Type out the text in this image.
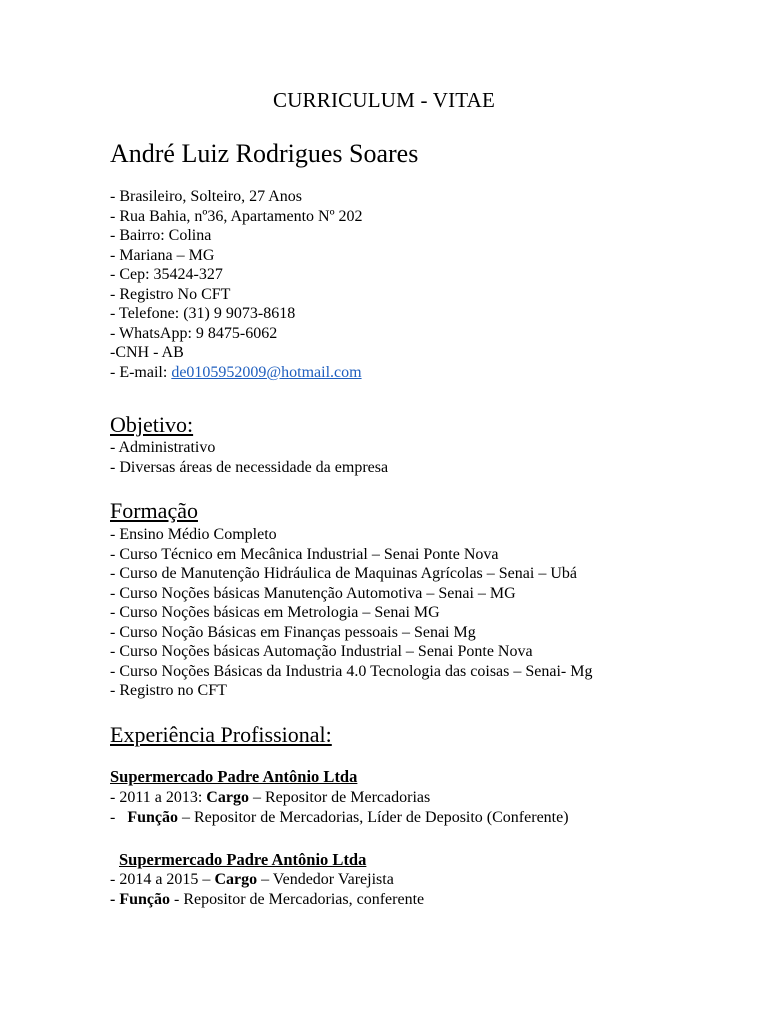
CURRICULUM - VITAE
André Luiz Rodrigues Soares
- Brasileiro, Solteiro, 27 Anos
- Rua Bahia, nº36, Apartamento Nº 202
- Bairro: Colina
- Mariana – MG
- Cep: 35424-327
- Registro No CFT
- Telefone: (31) 9 9073-8618
- WhatsApp: 9 8475-6062
-CNH - AB
- E-mail: de0105952009@hotmail.com
Objetivo:
- Administrativo
- Diversas áreas de necessidade da empresa
Formação
- Ensino Médio Completo
- Curso Técnico em Mecânica Industrial – Senai Ponte Nova
- Curso de Manutenção Hidráulica de Maquinas Agrícolas – Senai – Ubá
- Curso Noções básicas Manutenção Automotiva – Senai – MG
- Curso Noções básicas em Metrologia – Senai MG
- Curso Noção Básicas em Finanças pessoais – Senai Mg
- Curso Noções básicas Automação Industrial – Senai Ponte Nova
- Curso Noções Básicas da Industria 4.0 Tecnologia das coisas – Senai- Mg
- Registro no CFT
Experiência Profissional:
Supermercado Padre Antônio Ltda
- 2011 a 2013: Cargo – Repositor de Mercadorias
-   Função – Repositor de Mercadorias, Líder de Deposito (Conferente)
Supermercado Padre Antônio Ltda
- 2014 a 2015 – Cargo – Vendedor Varejista
- Função - Repositor de Mercadorias, conferente
